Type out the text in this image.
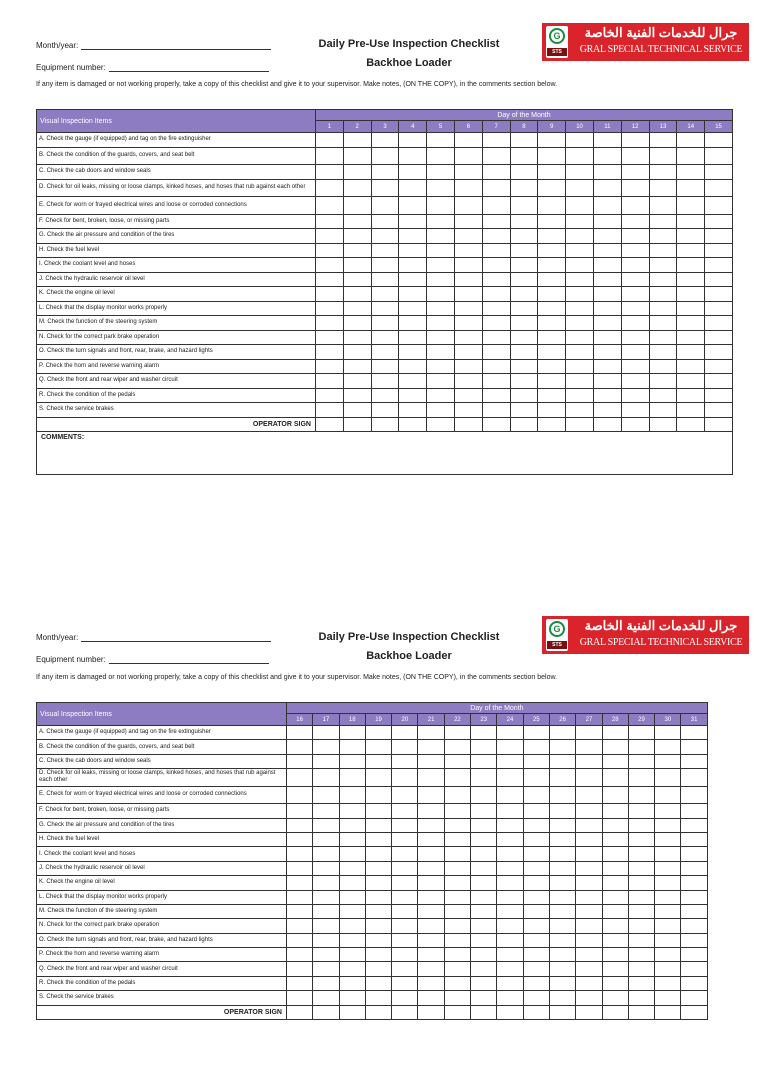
Month/year:
Equipment number:
Daily Pre-Use Inspection Checklist
Backhoe Loader
G
STS
جرال للخدمات الفنية الخاصة
GRAL SPECIAL TECHNICAL SERVICE
If any item is damaged or not working properly, take a copy of this checklist and give it to your supervisor. Make notes, (ON THE COPY), in the comments section below.
Visual Inspection Items	Day of the Month														
	1	2	3	4	5	6	7	8	9	10	11	12	13	14	15
A. Check the gauge (if equipped) and tag on the fire extinguisher															
B. Check the condition of the guards, covers, and seat belt															
C. Check the cab doors and window seals															
D. Check for oil leaks, missing or loose clamps, kinked hoses, and hoses that rub against each other															
E. Check for worn or frayed electrical wires and loose or corroded connections															
F. Check for bent, broken, loose, or missing parts															
G. Check the air pressure and condition of the tires															
H. Check the fuel level															
I. Check the coolant level and hoses															
J. Check the hydraulic reservoir oil level															
K. Check the engine oil level															
L. Check that the display monitor works properly															
M. Check the function of the steering system															
N. Check for the correct park brake operation															
O. Check the turn signals and front, rear, brake, and hazard lights															
P. Check the horn and reverse warning alarm															
Q. Check the front and rear wiper and washer circuit															
R. Check the condition of the pedals															
S. Check the service brakes															
OPERATOR SIGN															
COMMENTS:															
Month/year:
Equipment number:
Daily Pre-Use Inspection Checklist
Backhoe Loader
G
STS
جرال للخدمات الفنية الخاصة
GRAL SPECIAL TECHNICAL SERVICE
If any item is damaged or not working properly, take a copy of this checklist and give it to your supervisor. Make notes, (ON THE COPY), in the comments section below.
Visual Inspection Items	Day of the Month															
	16	17	18	19	20	21	22	23	24	25	26	27	28	29	30	31
A. Check the gauge (if equipped) and tag on the fire extinguisher																
B. Check the condition of the guards, covers, and seat belt																
C. Check the cab doors and window seals																
D. Check for oil leaks, missing or loose clamps, kinked hoses, and hoses that rub against each other																
E. Check for worn or frayed electrical wires and loose or corroded connections																
F. Check for bent, broken, loose, or missing parts																
G. Check the air pressure and condition of the tires																
H. Check the fuel level																
I. Check the coolant level and hoses																
J. Check the hydraulic reservoir oil level																
K. Check the engine oil level																
L. Check that the display monitor works properly																
M. Check the function of the steering system																
N. Check for the correct park brake operation																
O. Check the turn signals and front, rear, brake, and hazard lights																
P. Check the horn and reverse warning alarm																
Q. Check the front and rear wiper and washer circuit																
R. Check the condition of the pedals																
S. Check the service brakes																
OPERATOR SIGN																
